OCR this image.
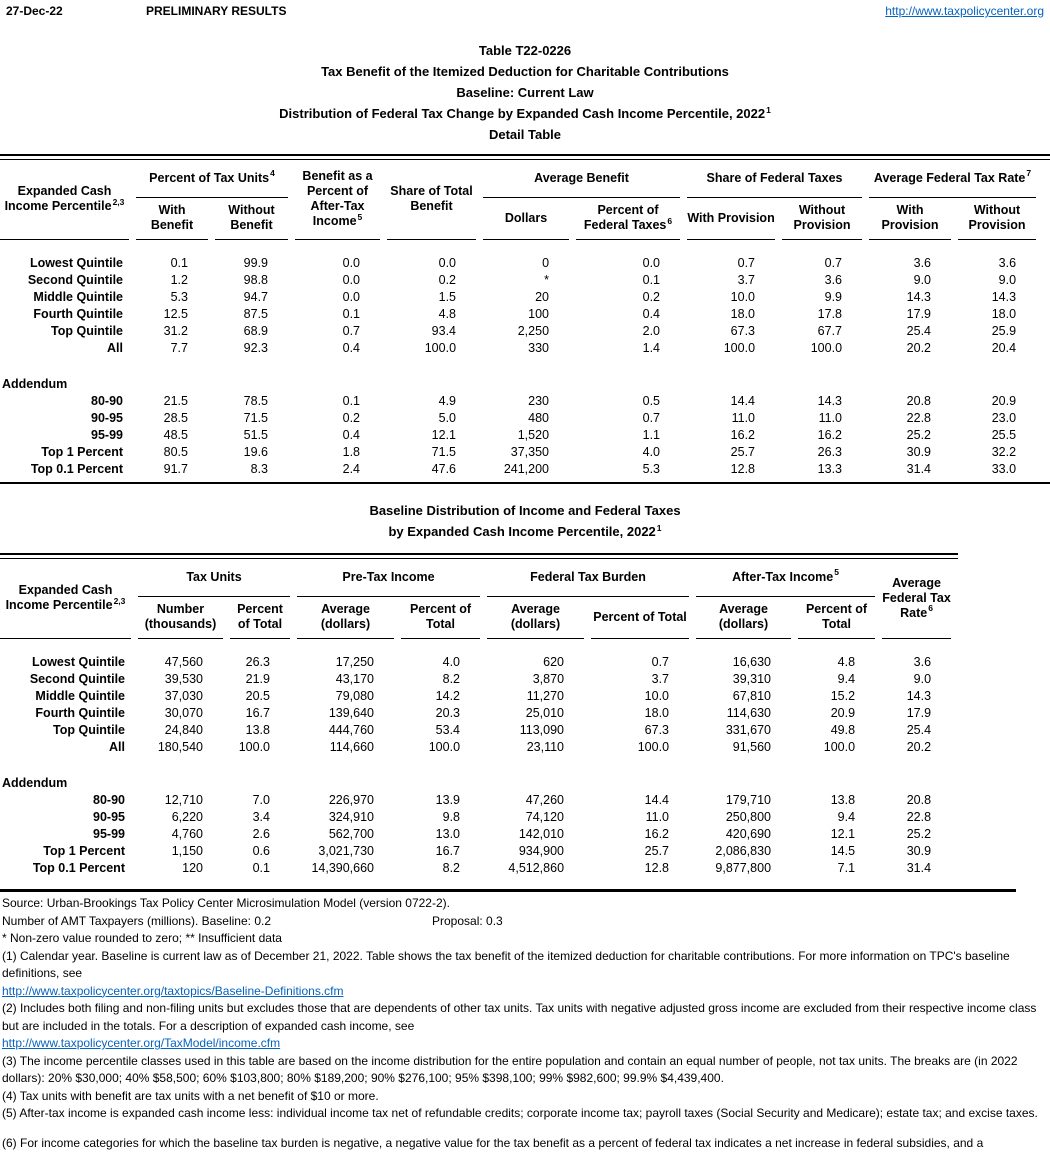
27-Dec-22	PRELIMINARY RESULTS	http://www.taxpolicycenter.org
Table T22-0226
Tax Benefit of the Itemized Deduction for Charitable Contributions
Baseline: Current Law
Distribution of Federal Tax Change by Expanded Cash Income Percentile, 2022$^1$
Detail Table
Expanded Cash Income Percentile$^{2,3}$	Percent of Tax Units$^4$		Benefit as a Percent of After-Tax Income$^5$	Share of Total Benefit	Average Benefit		Share of Federal Taxes		Average Federal Tax Rate$^7$
	With Benefit	Without Benefit			Dollars	Percent of Federal Taxes$^6$	With Provision	Without Provision	With Provision	Without Provision

Lowest Quintile	0.1	99.9	0.0	0.0	0	0.0	0.7	0.7	3.6	3.6
Second Quintile	1.2	98.8	0.0	0.2	*	0.1	3.7	3.6	9.0	9.0
Middle Quintile	5.3	94.7	0.0	1.5	20	0.2	10.0	9.9	14.3	14.3
Fourth Quintile	12.5	87.5	0.1	4.8	100	0.4	18.0	17.8	17.9	18.0
Top Quintile	31.2	68.9	0.7	93.4	2,250	2.0	67.3	67.7	25.4	25.9
All	7.7	92.3	0.4	100.0	330	1.4	100.0	100.0	20.2	20.4

Addendum										
80-90	21.5	78.5	0.1	4.9	230	0.5	14.4	14.3	20.8	20.9
90-95	28.5	71.5	0.2	5.0	480	0.7	11.0	11.0	22.8	23.0
95-99	48.5	51.5	0.4	12.1	1,520	1.1	16.2	16.2	25.2	25.5
Top 1 Percent	80.5	19.6	1.8	71.5	37,350	4.0	25.7	26.3	30.9	32.2
Top 0.1 Percent	91.7	8.3	2.4	47.6	241,200	5.3	12.8	13.3	31.4	33.0
Baseline Distribution of Income and Federal Taxes
by Expanded Cash Income Percentile, 2022$^1$
Expanded Cash Income Percentile$^{2,3}$	Tax Units		Pre-Tax Income		Federal Tax Burden		After-Tax Income$^5$		Average Federal Tax Rate$^6$
	Number (thousands)	Percent of Total	Average (dollars)	Percent of Total	Average (dollars)	Percent of Total	Average (dollars)	Percent of Total	

Lowest Quintile	47,560	26.3	17,250	4.0	620	0.7	16,630	4.8	3.6
Second Quintile	39,530	21.9	43,170	8.2	3,870	3.7	39,310	9.4	9.0
Middle Quintile	37,030	20.5	79,080	14.2	11,270	10.0	67,810	15.2	14.3
Fourth Quintile	30,070	16.7	139,640	20.3	25,010	18.0	114,630	20.9	17.9
Top Quintile	24,840	13.8	444,760	53.4	113,090	67.3	331,670	49.8	25.4
All	180,540	100.0	114,660	100.0	23,110	100.0	91,560	100.0	20.2

Addendum									
80-90	12,710	7.0	226,970	13.9	47,260	14.4	179,710	13.8	20.8
90-95	6,220	3.4	324,910	9.8	74,120	11.0	250,800	9.4	22.8
95-99	4,760	2.6	562,700	13.0	142,010	16.2	420,690	12.1	25.2
Top 1 Percent	1,150	0.6	3,021,730	16.7	934,900	25.7	2,086,830	14.5	30.9
Top 0.1 Percent	120	0.1	14,390,660	8.2	4,512,860	12.8	9,877,800	7.1	31.4
Source: Urban-Brookings Tax Policy Center Microsimulation Model (version 0722-2).
Number of AMT Taxpayers (millions). Baseline: 0.2	Proposal: 0.3
* Non-zero value rounded to zero; ** Insufficient data
(1) Calendar year. Baseline is current law as of December 21, 2022. Table shows the tax benefit of the itemized deduction for charitable contributions. For more information on TPC's baseline definitions, see
http://www.taxpolicycenter.org/taxtopics/Baseline-Definitions.cfm
(2) Includes both filing and non-filing units but excludes those that are dependents of other tax units. Tax units with negative adjusted gross income are excluded from their respective income class but are included in the totals. For a description of expanded cash income, see
http://www.taxpolicycenter.org/TaxModel/income.cfm
(3) The income percentile classes used in this table are based on the income distribution for the entire population and contain an equal number of people, not tax units. The breaks are (in 2022 dollars): 20% $30,000; 40% $58,500; 60% $103,800; 80% $189,200; 90% $276,100; 95% $398,100; 99% $982,600; 99.9% $4,439,400.
(4) Tax units with benefit are tax units with a net benefit of $10 or more.
(5) After-tax income is expanded cash income less: individual income tax net of refundable credits; corporate income tax; payroll taxes (Social Security and Medicare); estate tax; and excise taxes.
(6) For income categories for which the baseline tax burden is negative, a negative value for the tax benefit as a percent of federal tax indicates a net increase in federal subsidies, and a
